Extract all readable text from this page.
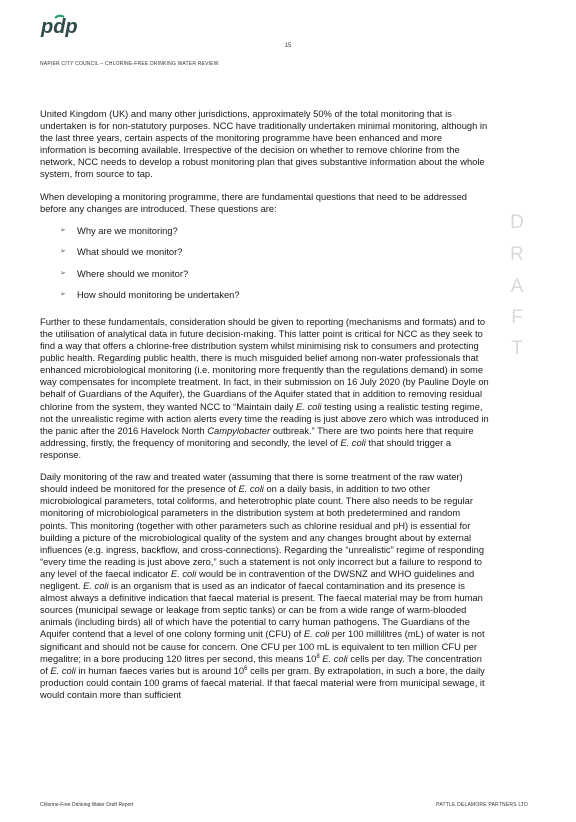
pdp
15
NAPIER CITY COUNCIL – CHLORINE-FREE DRINKING WATER REVIEW
D
R
A
F
T

United Kingdom (UK) and many other jurisdictions, approximately 50% of the total monitoring that is undertaken is for non-statutory purposes. NCC have traditionally undertaken minimal monitoring, although in the last three years, certain aspects of the monitoring programme have been enhanced and more information is becoming available. Irrespective of the decision on whether to remove chlorine from the network, NCC needs to develop a robust monitoring plan that gives substantive information about the whole system, from source to tap.

When developing a monitoring programme, there are fundamental questions that need to be addressed before any changes are introduced. These questions are:

➢ Why are we monitoring?
➢ What should we monitor?
➢ Where should we monitor?
➢ How should monitoring be undertaken?

Further to these fundamentals, consideration should be given to reporting (mechanisms and formats) and to the utilisation of analytical data in future decision-making. This latter point is critical for NCC as they seek to find a way that offers a chlorine-free distribution system whilst minimising risk to consumers and protecting public health. Regarding public health, there is much misguided belief among non-water professionals that enhanced microbiological monitoring (i.e. monitoring more frequently than the regulations demand) in some way compensates for incomplete treatment. In fact, in their submission on 16 July 2020 (by Pauline Doyle on behalf of Guardians of the Aquifer), the Guardians of the Aquifer stated that in addition to removing residual chlorine from the system, they wanted NCC to “Maintain daily E. coli testing using a realistic testing regime, not the unrealistic regime with action alerts every time the reading is just above zero which was introduced in the panic after the 2016 Havelock North Campylobacter outbreak.” There are two points here that require addressing, firstly, the frequency of monitoring and secondly, the level of E. coli that should trigger a response.

Daily monitoring of the raw and treated water (assuming that there is some treatment of the raw water) should indeed be monitored for the presence of E. coli on a daily basis, in addition to two other microbiological parameters, total coliforms, and heterotrophic plate count. There also needs to be regular monitoring of microbiological parameters in the distribution system at both predetermined and random points. This monitoring (together with other parameters such as chlorine residual and pH) is essential for building a picture of the microbiological quality of the system and any changes brought about by external influences (e.g. ingress, backflow, and cross-connections). Regarding the “unrealistic” regime of responding “every time the reading is just above zero,” such a statement is not only incorrect but a failure to respond to any level of the faecal indicator E. coli would be in contravention of the DWSNZ and WHO guidelines and negligent. E. coli is an organism that is used as an indicator of faecal contamination and its presence is almost always a definitive indication that faecal material is present. The faecal material may be from human sources (municipal sewage or leakage from septic tanks) or can be from a wide range of warm-blooded animals (including birds) all of which have the potential to carry human pathogens. The Guardians of the Aquifer contend that a level of one colony forming unit (CFU) of E. coli per 100 millilitres (mL) of water is not significant and should not be cause for concern. One CFU per 100 mL is equivalent to ten million CFU per megalitre; in a bore producing 120 litres per second, this means $10^8$ E. coli cells per day. The concentration of E. coli in human faeces varies but is around $10^6$ cells per gram. By extrapolation, in such a bore, the daily production could contain 100 grams of faecal material. If that faecal material were from municipal sewage, it would contain more than sufficient

Chlorine-Free Drinking Water Draft Report	PATTLE DELAMORE PARTNERS LTD
